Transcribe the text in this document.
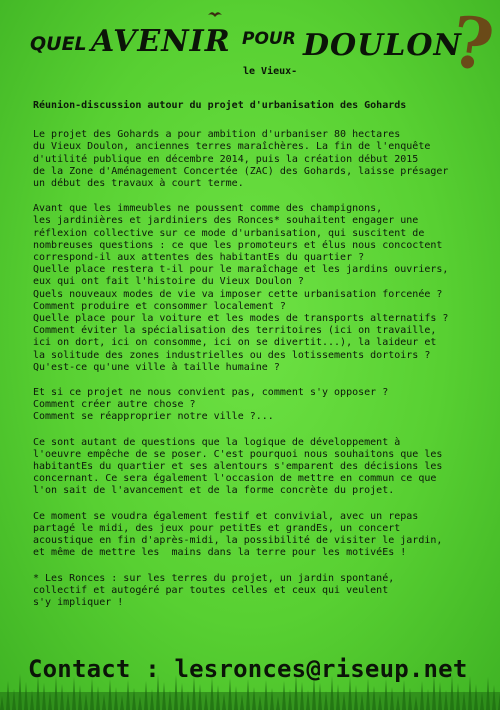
QUEL AVENIR POUR DOULON
le Vieux- ?
Réunion-discussion autour du projet d'urbanisation des Gohards
Le projet des Gohards a pour ambition d'urbaniser 80 hectares
du Vieux Doulon, anciennes terres maraîchères. La fin de l'enquête
d'utilité publique en décembre 2014, puis la création début 2015
de la Zone d'Aménagement Concertée (ZAC) des Gohards, laisse présager
un début des travaux à court terme.
Avant que les immeubles ne poussent comme des champignons,
les jardinières et jardiniers des Ronces* souhaitent engager une
réflexion collective sur ce mode d'urbanisation, qui suscitent de
nombreuses questions : ce que les promoteurs et élus nous concoctent
correspond-il aux attentes des habitantEs du quartier ?
Quelle place restera t-il pour le maraîchage et les jardins ouvriers,
eux qui ont fait l'histoire du Vieux Doulon ?
Quels nouveaux modes de vie va imposer cette urbanisation forcenée ?
Comment produire et consommer localement ?
Quelle place pour la voiture et les modes de transports alternatifs ?
Comment éviter la spécialisation des territoires (ici on travaille,
ici on dort, ici on consomme, ici on se divertit...), la laideur et
la solitude des zones industrielles ou des lotissements dortoirs ?
Qu'est-ce qu'une ville à taille humaine ?
Et si ce projet ne nous convient pas, comment s'y opposer ?
Comment créer autre chose ?
Comment se réapproprier notre ville ?...
Ce sont autant de questions que la logique de développement à
l'oeuvre empêche de se poser. C'est pourquoi nous souhaitons que les
habitantEs du quartier et ses alentours s'emparent des décisions les
concernant. Ce sera également l'occasion de mettre en commun ce que
l'on sait de l'avancement et de la forme concrète du projet.
Ce moment se voudra également festif et convivial, avec un repas
partagé le midi, des jeux pour petitEs et grandEs, un concert
acoustique en fin d'après-midi, la possibilité de visiter le jardin,
et même de mettre les  mains dans la terre pour les motivéEs !
* Les Ronces : sur les terres du projet, un jardin spontané,
collectif et autogéré par toutes celles et ceux qui veulent
s'y impliquer !
Contact : lesronces@riseup.net
